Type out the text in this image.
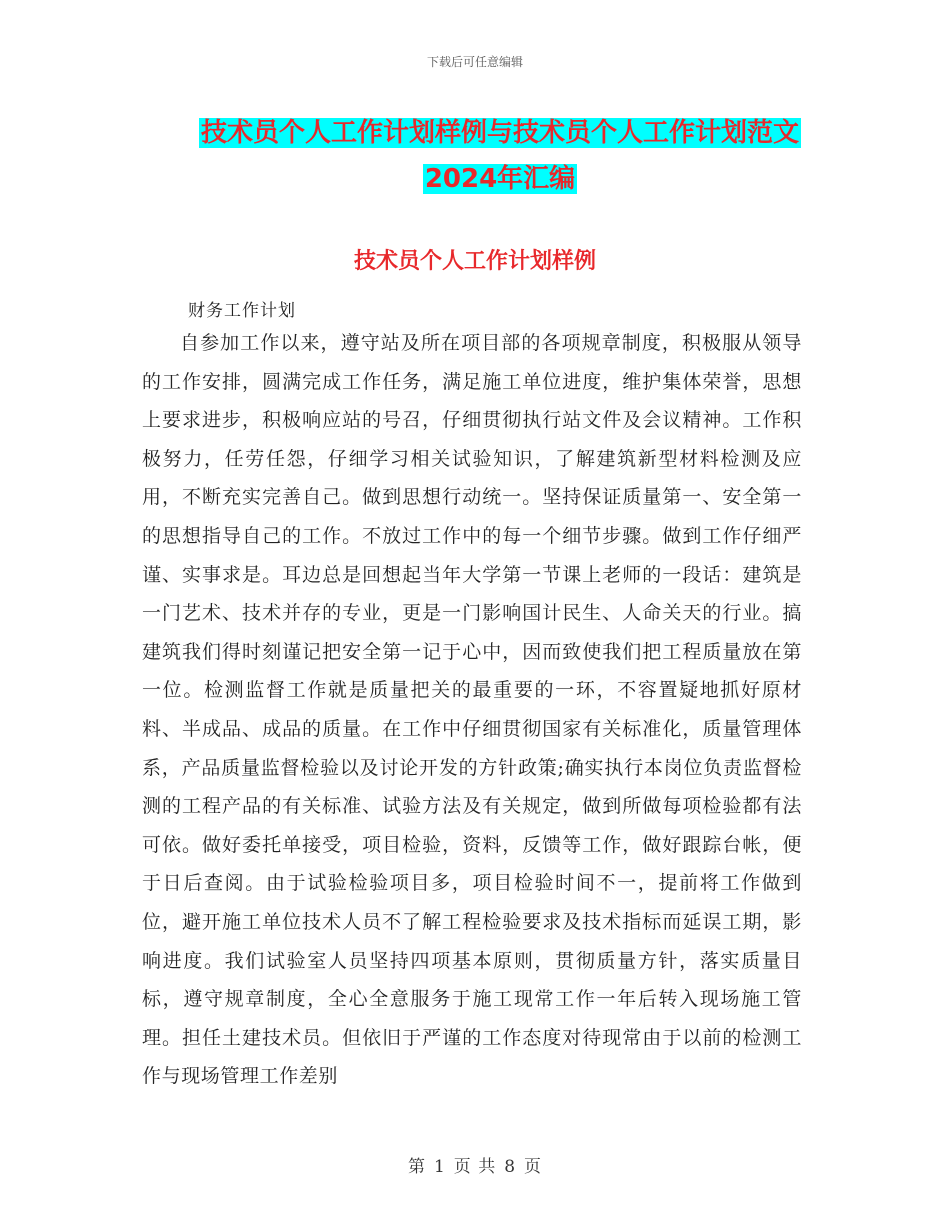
下载后可任意编辑
技术员个人工作计划样例与技术员个人工作计划范文
2024年汇编
技术员个人工作计划样例
财务工作计划

自参加工作以来，遵守站及所在项目部的各项规章制度，积极服从领导的工作安排，圆满完成工作任务，满足施工单位进度，维护集体荣誉，思想上要求进步，积极响应站的号召，仔细贯彻执行站文件及会议精神。工作积极努力，任劳任怨，仔细学习相关试验知识，了解建筑新型材料检测及应用，不断充实完善自己。做到思想行动统一。坚持保证质量第一、安全第一的思想指导自己的工作。不放过工作中的每一个细节步骤。做到工作仔细严谨、实事求是。耳边总是回想起当年大学第一节课上老师的一段话：建筑是一门艺术、技术并存的专业，更是一门影响国计民生、人命关天的行业。搞建筑我们得时刻谨记把安全第一记于心中，因而致使我们把工程质量放在第一位。检测监督工作就是质量把关的最重要的一环，不容置疑地抓好原材料、半成品、成品的质量。在工作中仔细贯彻国家有关标准化，质量管理体系，产品质量监督检验以及讨论开发的方针政策;确实执行本岗位负责监督检测的工程产品的有关标准、试验方法及有关规定，做到所做每项检验都有法可依。做好委托单接受，项目检验，资料，反馈等工作，做好跟踪台帐，便于日后查阅。由于试验检验项目多，项目检验时间不一，提前将工作做到位，避开施工单位技术人员不了解工程检验要求及技术指标而延误工期，影响进度。我们试验室人员坚持四项基本原则，贯彻质量方针，落实质量目标，遵守规章制度，全心全意服务于施工现常工作一年后转入现场施工管理。担任土建技术员。但依旧于严谨的工作态度对待现常由于以前的检测工作与现场管理工作差别

第 1 页 共 8 页
